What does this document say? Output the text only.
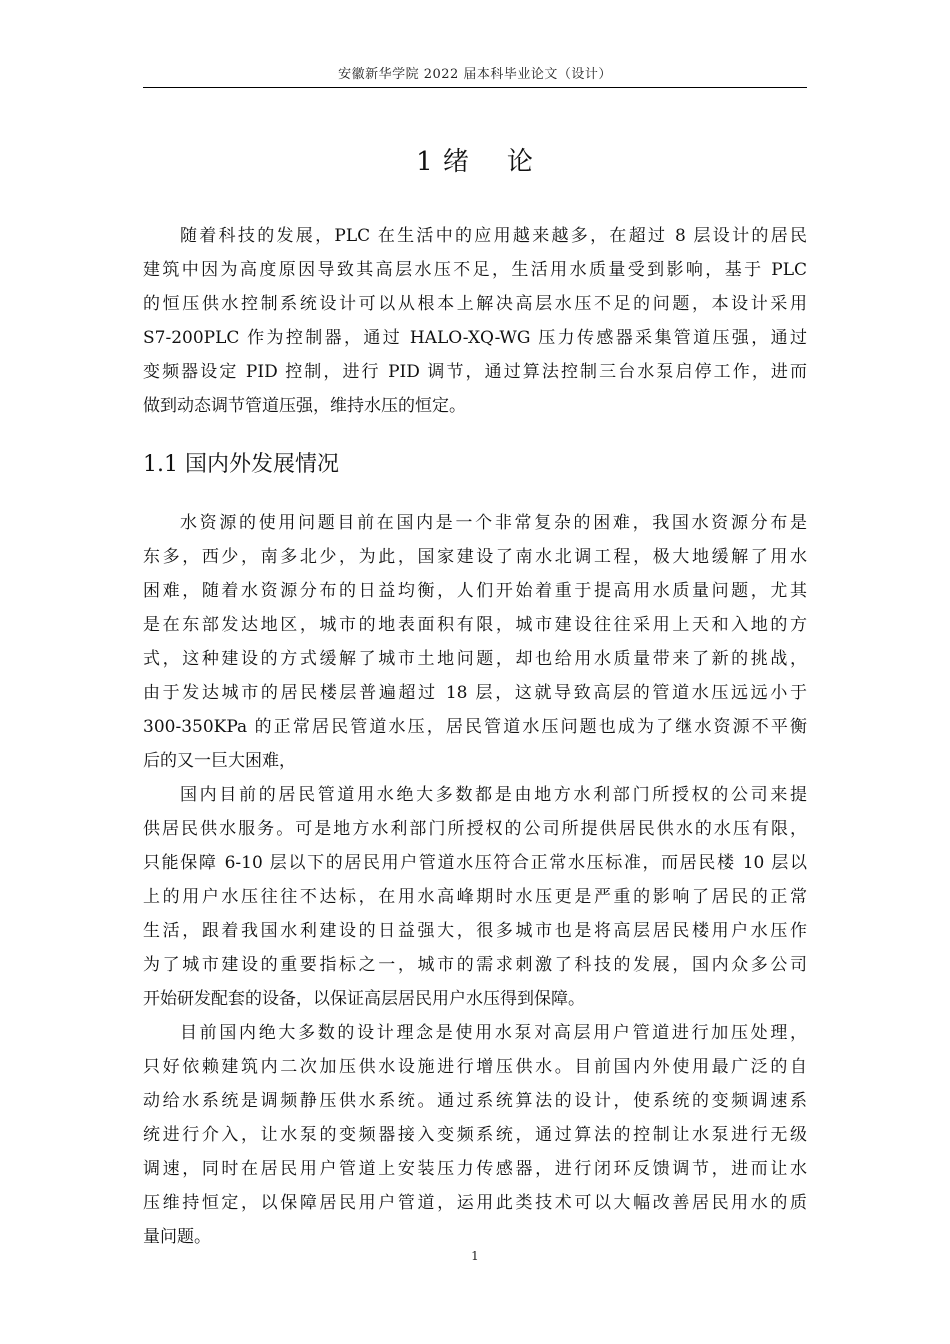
安徽新华学院 2022 届本科毕业论文（设计）
1 绪    论
随着科技的发展，PLC 在生活中的应用越来越多，在超过 8 层设计的居民
建筑中因为高度原因导致其高层水压不足，生活用水质量受到影响，基于 PLC
的恒压供水控制系统设计可以从根本上解决高层水压不足的问题，本设计采用
S7-200PLC 作为控制器，通过 HALO-XQ-WG 压力传感器采集管道压强，通过
变频器设定 PID 控制，进行 PID 调节，通过算法控制三台水泵启停工作，进而
做到动态调节管道压强，维持水压的恒定。
1.1 国内外发展情况
水资源的使用问题目前在国内是一个非常复杂的困难，我国水资源分布是
东多，西少，南多北少，为此，国家建设了南水北调工程，极大地缓解了用水
困难，随着水资源分布的日益均衡，人们开始着重于提高用水质量问题，尤其
是在东部发达地区，城市的地表面积有限，城市建设往往采用上天和入地的方
式，这种建设的方式缓解了城市土地问题，却也给用水质量带来了新的挑战，
由于发达城市的居民楼层普遍超过 18 层，这就导致高层的管道水压远远小于
300-350KPa 的正常居民管道水压，居民管道水压问题也成为了继水资源不平衡
后的又一巨大困难，
国内目前的居民管道用水绝大多数都是由地方水利部门所授权的公司来提
供居民供水服务。可是地方水利部门所授权的公司所提供居民供水的水压有限，
只能保障 6-10 层以下的居民用户管道水压符合正常水压标准，而居民楼 10 层以
上的用户水压往往不达标，在用水高峰期时水压更是严重的影响了居民的正常
生活，跟着我国水利建设的日益强大，很多城市也是将高层居民楼用户水压作
为了城市建设的重要指标之一，城市的需求刺激了科技的发展，国内众多公司
开始研发配套的设备，以保证高层居民用户水压得到保障。
目前国内绝大多数的设计理念是使用水泵对高层用户管道进行加压处理，
只好依赖建筑内二次加压供水设施进行增压供水。目前国内外使用最广泛的自
动给水系统是调频静压供水系统。通过系统算法的设计，使系统的变频调速系
统进行介入，让水泵的变频器接入变频系统，通过算法的控制让水泵进行无级
调速，同时在居民用户管道上安装压力传感器，进行闭环反馈调节，进而让水
压维持恒定，以保障居民用户管道，运用此类技术可以大幅改善居民用水的质
量问题。
1
